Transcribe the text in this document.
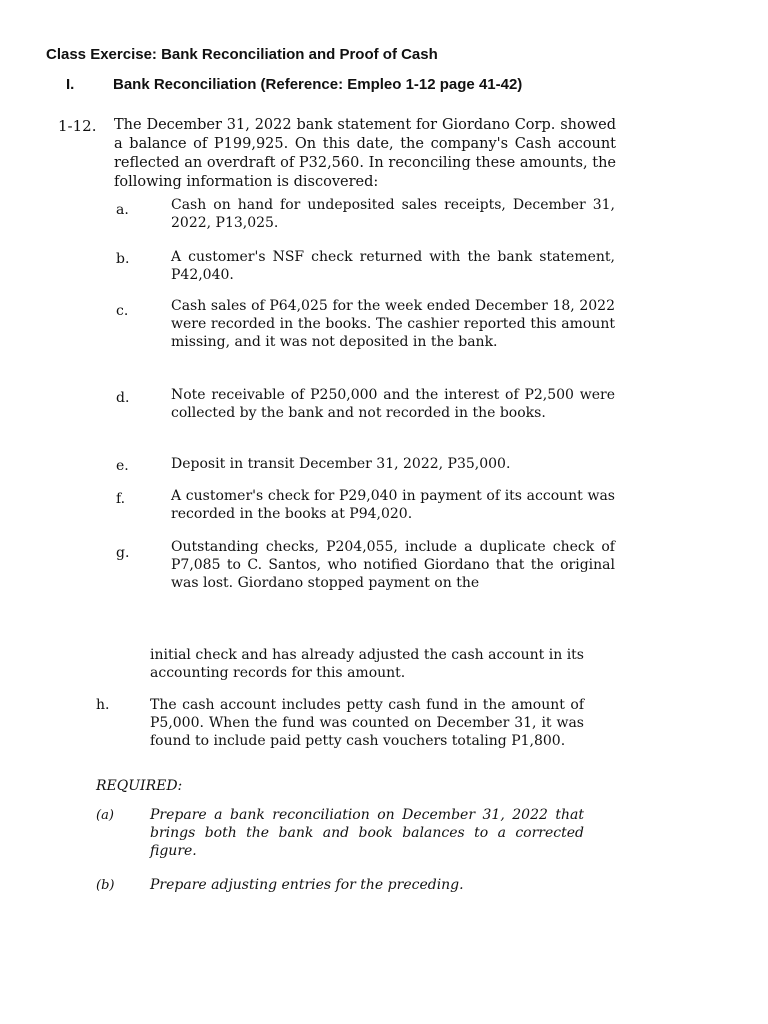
Class Exercise: Bank Reconciliation and Proof of Cash
I.	Bank Reconciliation (Reference: Empleo 1-12 page 41-42)
1-12. The December 31, 2022 bank statement for Giordano Corp. showed a balance of P199,925. On this date, the company's Cash account reflected an overdraft of P32,560. In reconciling these amounts, the following information is discovered:
a.	Cash on hand for undeposited sales receipts, December 31, 2022, P13,025.
b.	A customer's NSF check returned with the bank statement, P42,040.
c.	Cash sales of P64,025 for the week ended December 18, 2022 were recorded in the books. The cashier reported this amount missing, and it was not deposited in the bank.
d.	Note receivable of P250,000 and the interest of P2,500 were collected by the bank and not recorded in the books.
e.	Deposit in transit December 31, 2022, P35,000.
f.	A customer's check for P29,040 in payment of its account was recorded in the books at P94,020.
g.	Outstanding checks, P204,055, include a duplicate check of P7,085 to C. Santos, who notified Giordano that the original was lost. Giordano stopped payment on the
initial check and has already adjusted the cash account in its accounting records for this amount.
h.	The cash account includes petty cash fund in the amount of P5,000. When the fund was counted on December 31, it was found to include paid petty cash vouchers totaling P1,800.
REQUIRED:
(a)	Prepare a bank reconciliation on December 31, 2022 that brings both the bank and book balances to a corrected figure.
(b)	Prepare adjusting entries for the preceding.
